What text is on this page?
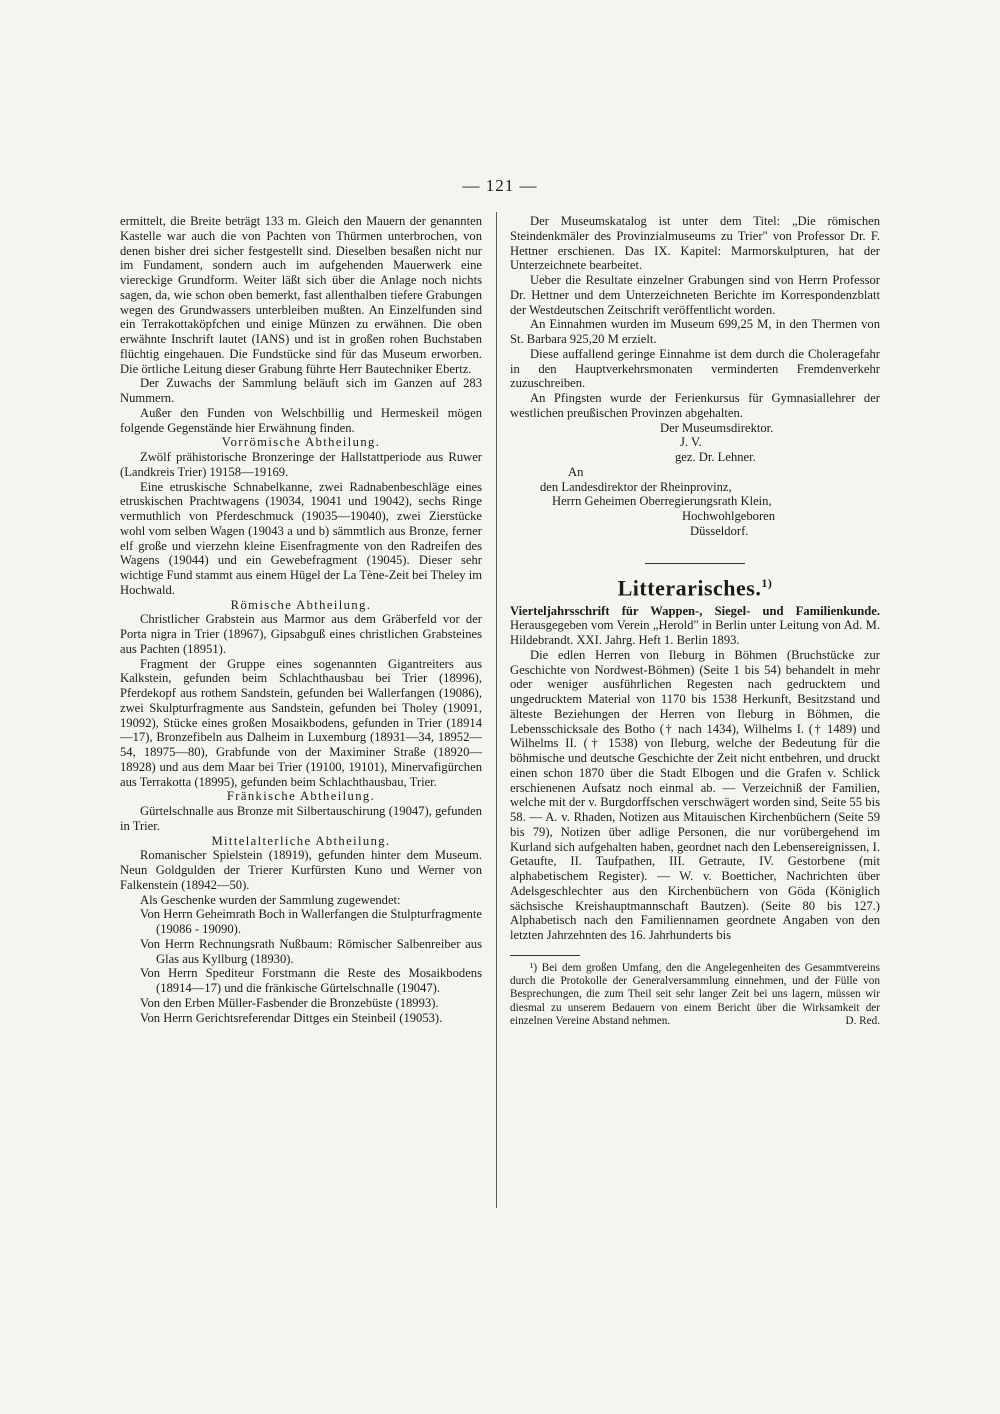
— 121 —

ermittelt, die Breite beträgt 133 m. Gleich den Mauern der genannten Kastelle war auch die von Pachten von Thürmen unterbrochen, von denen bisher drei sicher festgestellt sind. Dieselben besaßen nicht nur im Fundament, sondern auch im aufgehenden Mauerwerk eine viereckige Grundform. Weiter läßt sich über die Anlage noch nichts sagen, da, wie schon oben bemerkt, fast allenthalben tiefere Grabungen wegen des Grundwassers unterbleiben mußten. An Einzelfunden sind ein Terrakottaköpfchen und einige Münzen zu erwähnen. Die oben erwähnte Inschrift lautet (IANS) und ist in großen rohen Buchstaben flüchtig eingehauen. Die Fundstücke sind für das Museum erworben. Die örtliche Leitung dieser Grabung führte Herr Bautechniker Ebertz.

Der Zuwachs der Sammlung beläuft sich im Ganzen auf 283 Nummern.

Außer den Funden von Welschbillig und Hermeskeil mögen folgende Gegenstände hier Erwähnung finden.

Vorrömische Abtheilung.

Zwölf prähistorische Bronzeringe der Hallstattperiode aus Ruwer (Landkreis Trier) 19158—19169.

Eine etruskische Schnabelkanne, zwei Radnabenbeschläge eines etruskischen Prachtwagens (19034, 19041 und 19042), sechs Ringe vermuthlich von Pferdeschmuck (19035—19040), zwei Zierstücke wohl vom selben Wagen (19043 a und b) sämmtlich aus Bronze, ferner elf große und vierzehn kleine Eisenfragmente von den Radreifen des Wagens (19044) und ein Gewebefragment (19045). Dieser sehr wichtige Fund stammt aus einem Hügel der La Tène-Zeit bei Theley im Hochwald.

Römische Abtheilung.

Christlicher Grabstein aus Marmor aus dem Gräberfeld vor der Porta nigra in Trier (18967), Gipsabguß eines christlichen Grabsteines aus Pachten (18951).

Fragment der Gruppe eines sogenannten Gigantreiters aus Kalkstein, gefunden beim Schlachthausbau bei Trier (18996), Pferdekopf aus rothem Sandstein, gefunden bei Wallerfangen (19086), zwei Skulpturfragmente aus Sandstein, gefunden bei Tholey (19091, 19092), Stücke eines großen Mosaikbodens, gefunden in Trier (18914—17), Bronzefibeln aus Dalheim in Luxemburg (18931—34, 18952—54, 18975—80), Grabfunde von der Maximiner Straße (18920—18928) und aus dem Maar bei Trier (19100, 19101), Minervafigürchen aus Terrakotta (18995), gefunden beim Schlachthausbau, Trier.

Fränkische Abtheilung.

Gürtelschnalle aus Bronze mit Silbertauschirung (19047), gefunden in Trier.

Mittelalterliche Abtheilung.

Romanischer Spielstein (18919), gefunden hinter dem Museum. Neun Goldgulden der Trierer Kurfürsten Kuno und Werner von Falkenstein (18942—50).

Als Geschenke wurden der Sammlung zugewendet:

Von Herrn Geheimrath Boch in Wallerfangen die Stulpturfragmente (19086 - 19090).

Von Herrn Rechnungsrath Nußbaum: Römischer Salbenreiber aus Glas aus Kyllburg (18930).

Von Herrn Spediteur Forstmann die Reste des Mosaikbodens (18914—17) und die fränkische Gürtelschnalle (19047).

Von den Erben Müller-Fasbender die Bronzebüste (18993).

Von Herrn Gerichtsreferendar Dittges ein Steinbeil (19053).

Der Museumskatalog ist unter dem Titel: „Die römischen Steindenkmäler des Provinzialmuseums zu Trier" von Professor Dr. F. Hettner erschienen. Das IX. Kapitel: Marmorskulpturen, hat der Unterzeichnete bearbeitet.

Ueber die Resultate einzelner Grabungen sind von Herrn Professor Dr. Hettner und dem Unterzeichneten Berichte im Korrespondenzblatt der Westdeutschen Zeitschrift veröffentlicht worden.

An Einnahmen wurden im Museum 699,25 M, in den Thermen von St. Barbara 925,20 M erzielt.

Diese auffallend geringe Einnahme ist dem durch die Choleragefahr in den Hauptverkehrsmonaten verminderten Fremdenverkehr zuzuschreiben.

An Pfingsten wurde der Ferienkursus für Gymnasiallehrer der westlichen preußischen Provinzen abgehalten.

Der Museumsdirektor.

J. V.

gez. Dr. Lehner.

An

den Landesdirektor der Rheinprovinz,

Herrn Geheimen Oberregierungsrath Klein,

Hochwohlgeboren

Düsseldorf.

Litterarisches.$^{1)}$

Vierteljahrsschrift für Wappen-, Siegel- und Familienkunde. Herausgegeben vom Verein „Herold" in Berlin unter Leitung von Ad. M. Hildebrandt. XXI. Jahrg. Heft 1. Berlin 1893.

Die edlen Herren von Ileburg in Böhmen (Bruchstücke zur Geschichte von Nordwest-Böhmen) (Seite 1 bis 54) behandelt in mehr oder weniger ausführlichen Regesten nach gedrucktem und ungedrucktem Material von 1170 bis 1538 Herkunft, Besitzstand und älteste Beziehungen der Herren von Ileburg in Böhmen, die Lebensschicksale des Botho († nach 1434), Wilhelms I. († 1489) und Wilhelms II. († 1538) von Ileburg, welche der Bedeutung für die böhmische und deutsche Geschichte der Zeit nicht entbehren, und druckt einen schon 1870 über die Stadt Elbogen und die Grafen v. Schlick erschienenen Aufsatz noch einmal ab. — Verzeichniß der Familien, welche mit der v. Burgdorffschen verschwägert worden sind, Seite 55 bis 58. — A. v. Rhaden, Notizen aus Mitauischen Kirchenbüchern (Seite 59 bis 79), Notizen über adlige Personen, die nur vorübergehend im Kurland sich aufgehalten haben, geordnet nach den Lebensereignissen, I. Getaufte, II. Taufpathen, III. Getraute, IV. Gestorbene (mit alphabetischem Register). — W. v. Boetticher, Nachrichten über Adelsgeschlechter aus den Kirchenbüchern von Göda (Königlich sächsische Kreishauptmannschaft Bautzen). (Seite 80 bis 127.) Alphabetisch nach den Familiennamen geordnete Angaben von den letzten Jahrzehnten des 16. Jahrhunderts bis

¹) Bei dem großen Umfang, den die Angelegenheiten des Gesammtvereins durch die Protokolle der Generalversammlung einnehmen, und der Fülle von Besprechungen, die zum Theil seit sehr langer Zeit bei uns lagern, müssen wir diesmal zu unserem Bedauern von einem Bericht über die Wirksamkeit der einzelnen Vereine Abstand nehmen.	D. Red.
